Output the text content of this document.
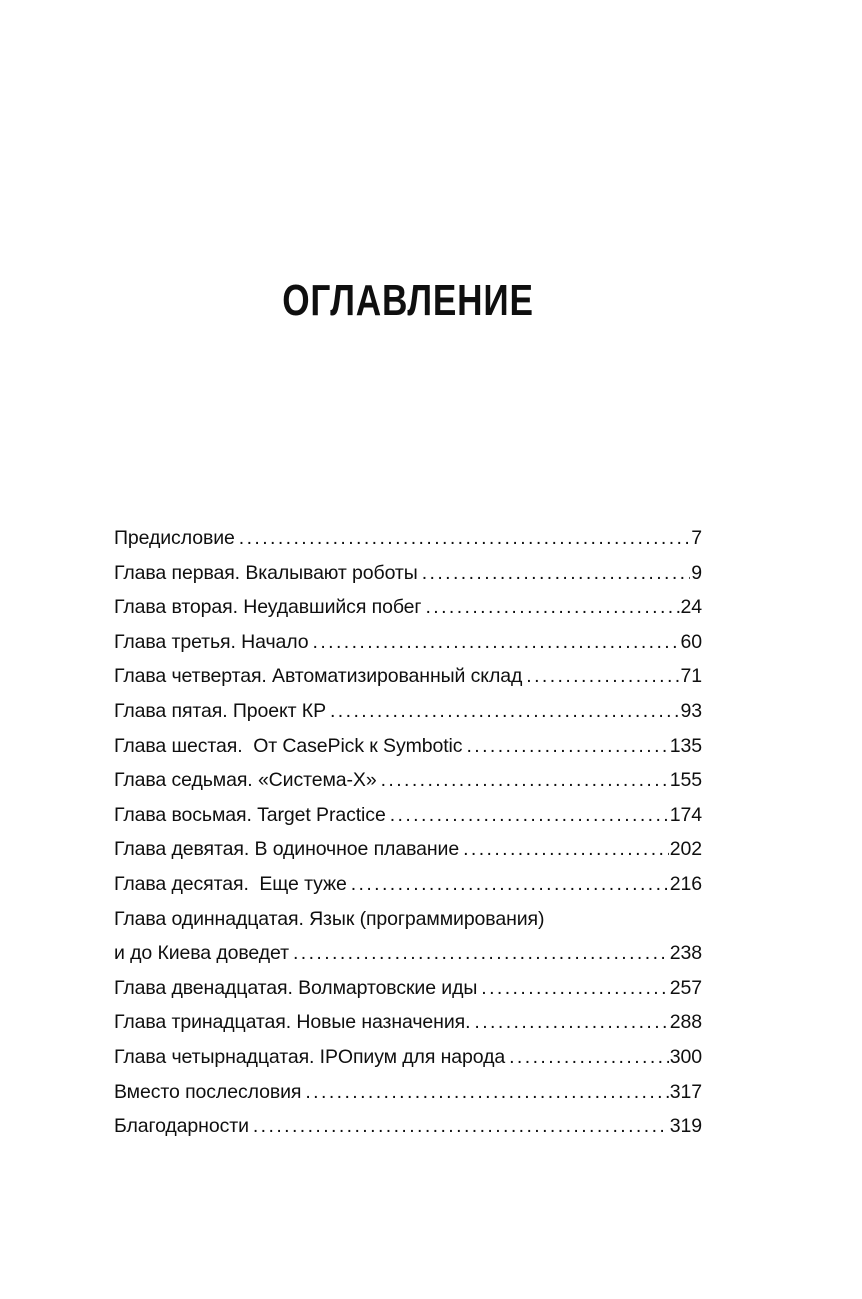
ОГЛАВЛЕНИЕ
Предисловие .....	7
Глава первая. Вкалывают роботы .....	9
Глава вторая. Неудавшийся побег .....	24
Глава третья. Начало .....	60
Глава четвертая. Автоматизированный склад .....	71
Глава пятая. Проект КР .....	93
Глава шестая.  От CasePick к Symbotic .....	135
Глава седьмая. «Система-Х» .....	155
Глава восьмая. Target Practice .....	174
Глава девятая. В одиночное плавание .....	202
Глава десятая.  Еще туже .....	216
Глава одиннадцатая. Язык (программирования)
и до Киева доведет .....	238
Глава двенадцатая. Волмартовские иды .....	257
Глава тринадцатая. Новые назначения. .....	288
Глава четырнадцатая. IPOпиум для народа .....	300
Вместо послесловия .....	317
Благодарности .....	319
